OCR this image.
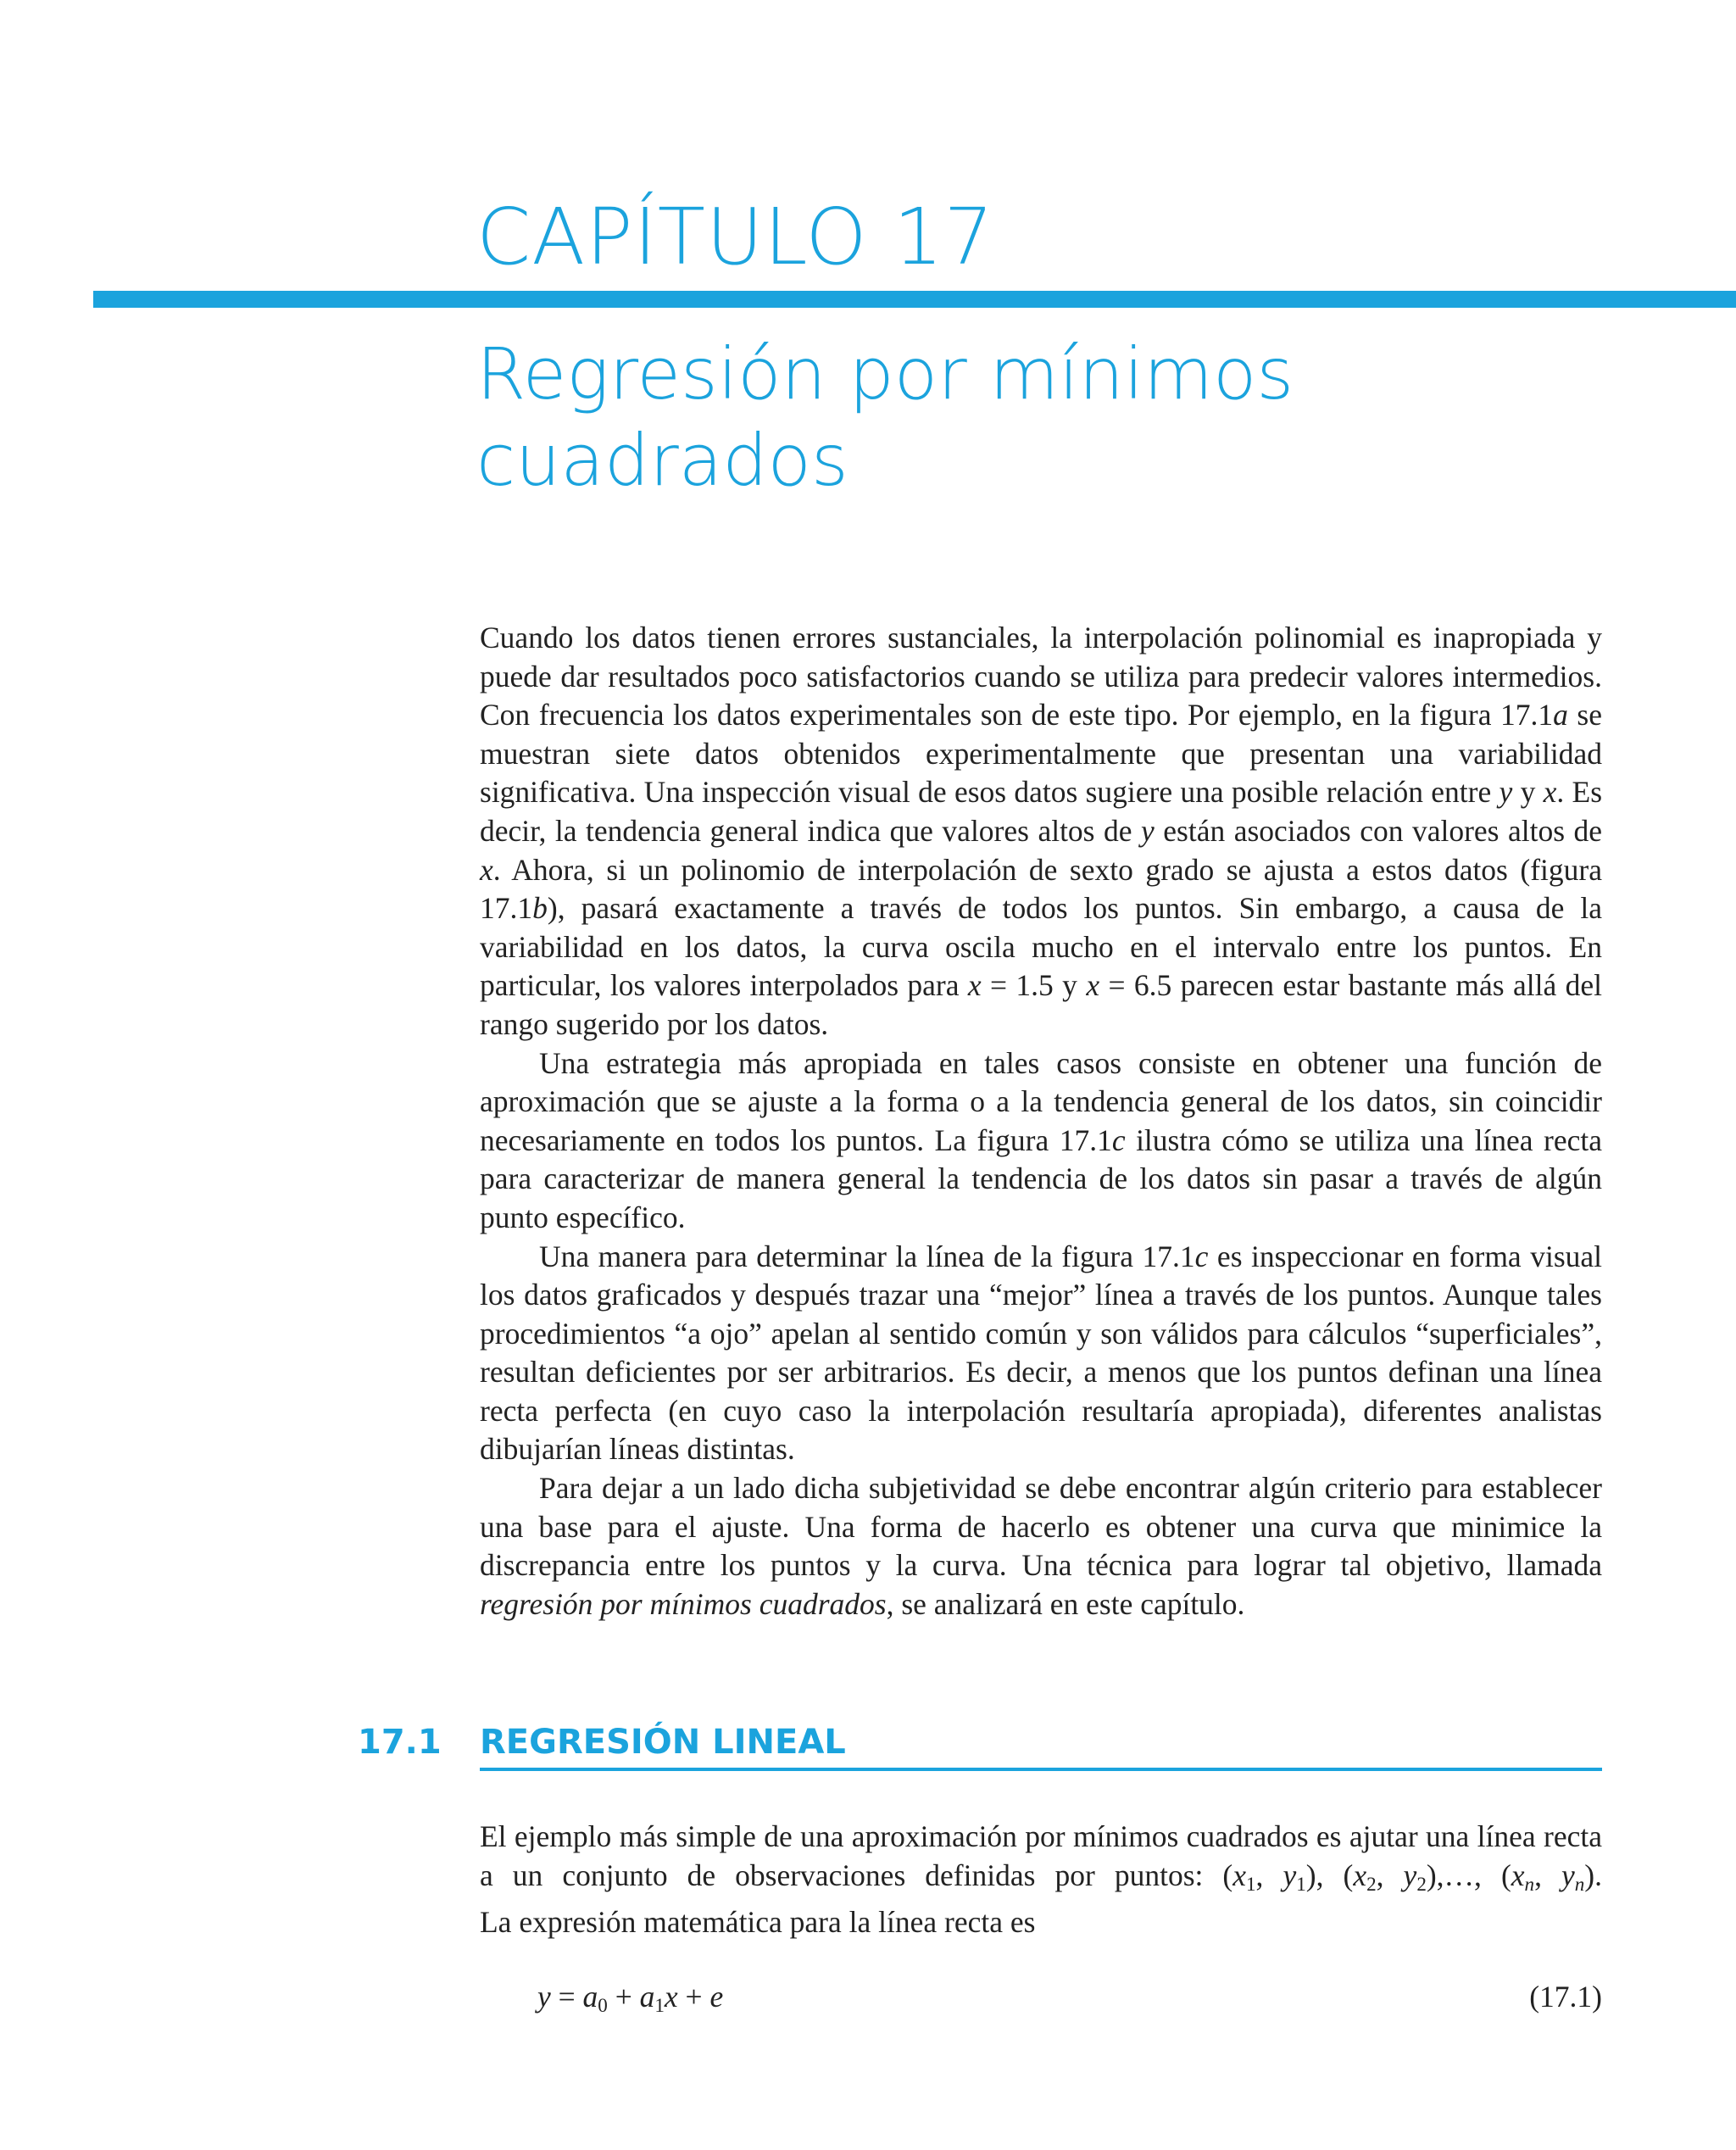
CAPÍTULO 17
Regresión por mínimos
cuadrados

Cuando los datos tienen errores sustanciales, la interpolación polinomial es inapropiada y puede dar resultados poco satisfactorios cuando se utiliza para predecir valores intermedios. Con frecuencia los datos experimentales son de este tipo. Por ejemplo, en la figura 17.1a se muestran siete datos obtenidos experimentalmente que presentan una variabilidad significativa. Una inspección visual de esos datos sugiere una posible relación entre y y x. Es decir, la tendencia general indica que valores altos de y están asociados con valores altos de x. Ahora, si un polinomio de interpolación de sexto grado se ajusta a estos datos (figura 17.1b), pasará exactamente a través de todos los puntos. Sin embargo, a causa de la variabilidad en los datos, la curva oscila mucho en el intervalo entre los puntos. En particular, los valores interpolados para x = 1.5 y x = 6.5 parecen estar bastante más allá del rango sugerido por los datos.

Una estrategia más apropiada en tales casos consiste en obtener una función de aproximación que se ajuste a la forma o a la tendencia general de los datos, sin coincidir necesariamente en todos los puntos. La figura 17.1c ilustra cómo se utiliza una línea recta para caracterizar de manera general la tendencia de los datos sin pasar a través de algún punto específico.

Una manera para determinar la línea de la figura 17.1c es inspeccionar en forma visual los datos graficados y después trazar una “mejor” línea a través de los puntos. Aunque tales procedimientos “a ojo” apelan al sentido común y son válidos para cálculos “superficiales”, resultan deficientes por ser arbitrarios. Es decir, a menos que los puntos definan una línea recta perfecta (en cuyo caso la interpolación resultaría apropiada), diferentes analistas dibujarían líneas distintas.

Para dejar a un lado dicha subjetividad se debe encontrar algún criterio para establecer una base para el ajuste. Una forma de hacerlo es obtener una curva que minimice la discrepancia entre los puntos y la curva. Una técnica para lograr tal objetivo, llamada regresión por mínimos cuadrados, se analizará en este capítulo.

17.1 REGRESIÓN LINEAL

El ejemplo más simple de una aproximación por mínimos cuadrados es ajutar una línea recta a un conjunto de observaciones definidas por puntos: ($x_1$, $y_1$), ($x_2$, $y_2),\dots$, ($x_n$, $y_n$).

La expresión matemática para la línea recta es

$y = a_0 + a_1x + e$	(17.1)
